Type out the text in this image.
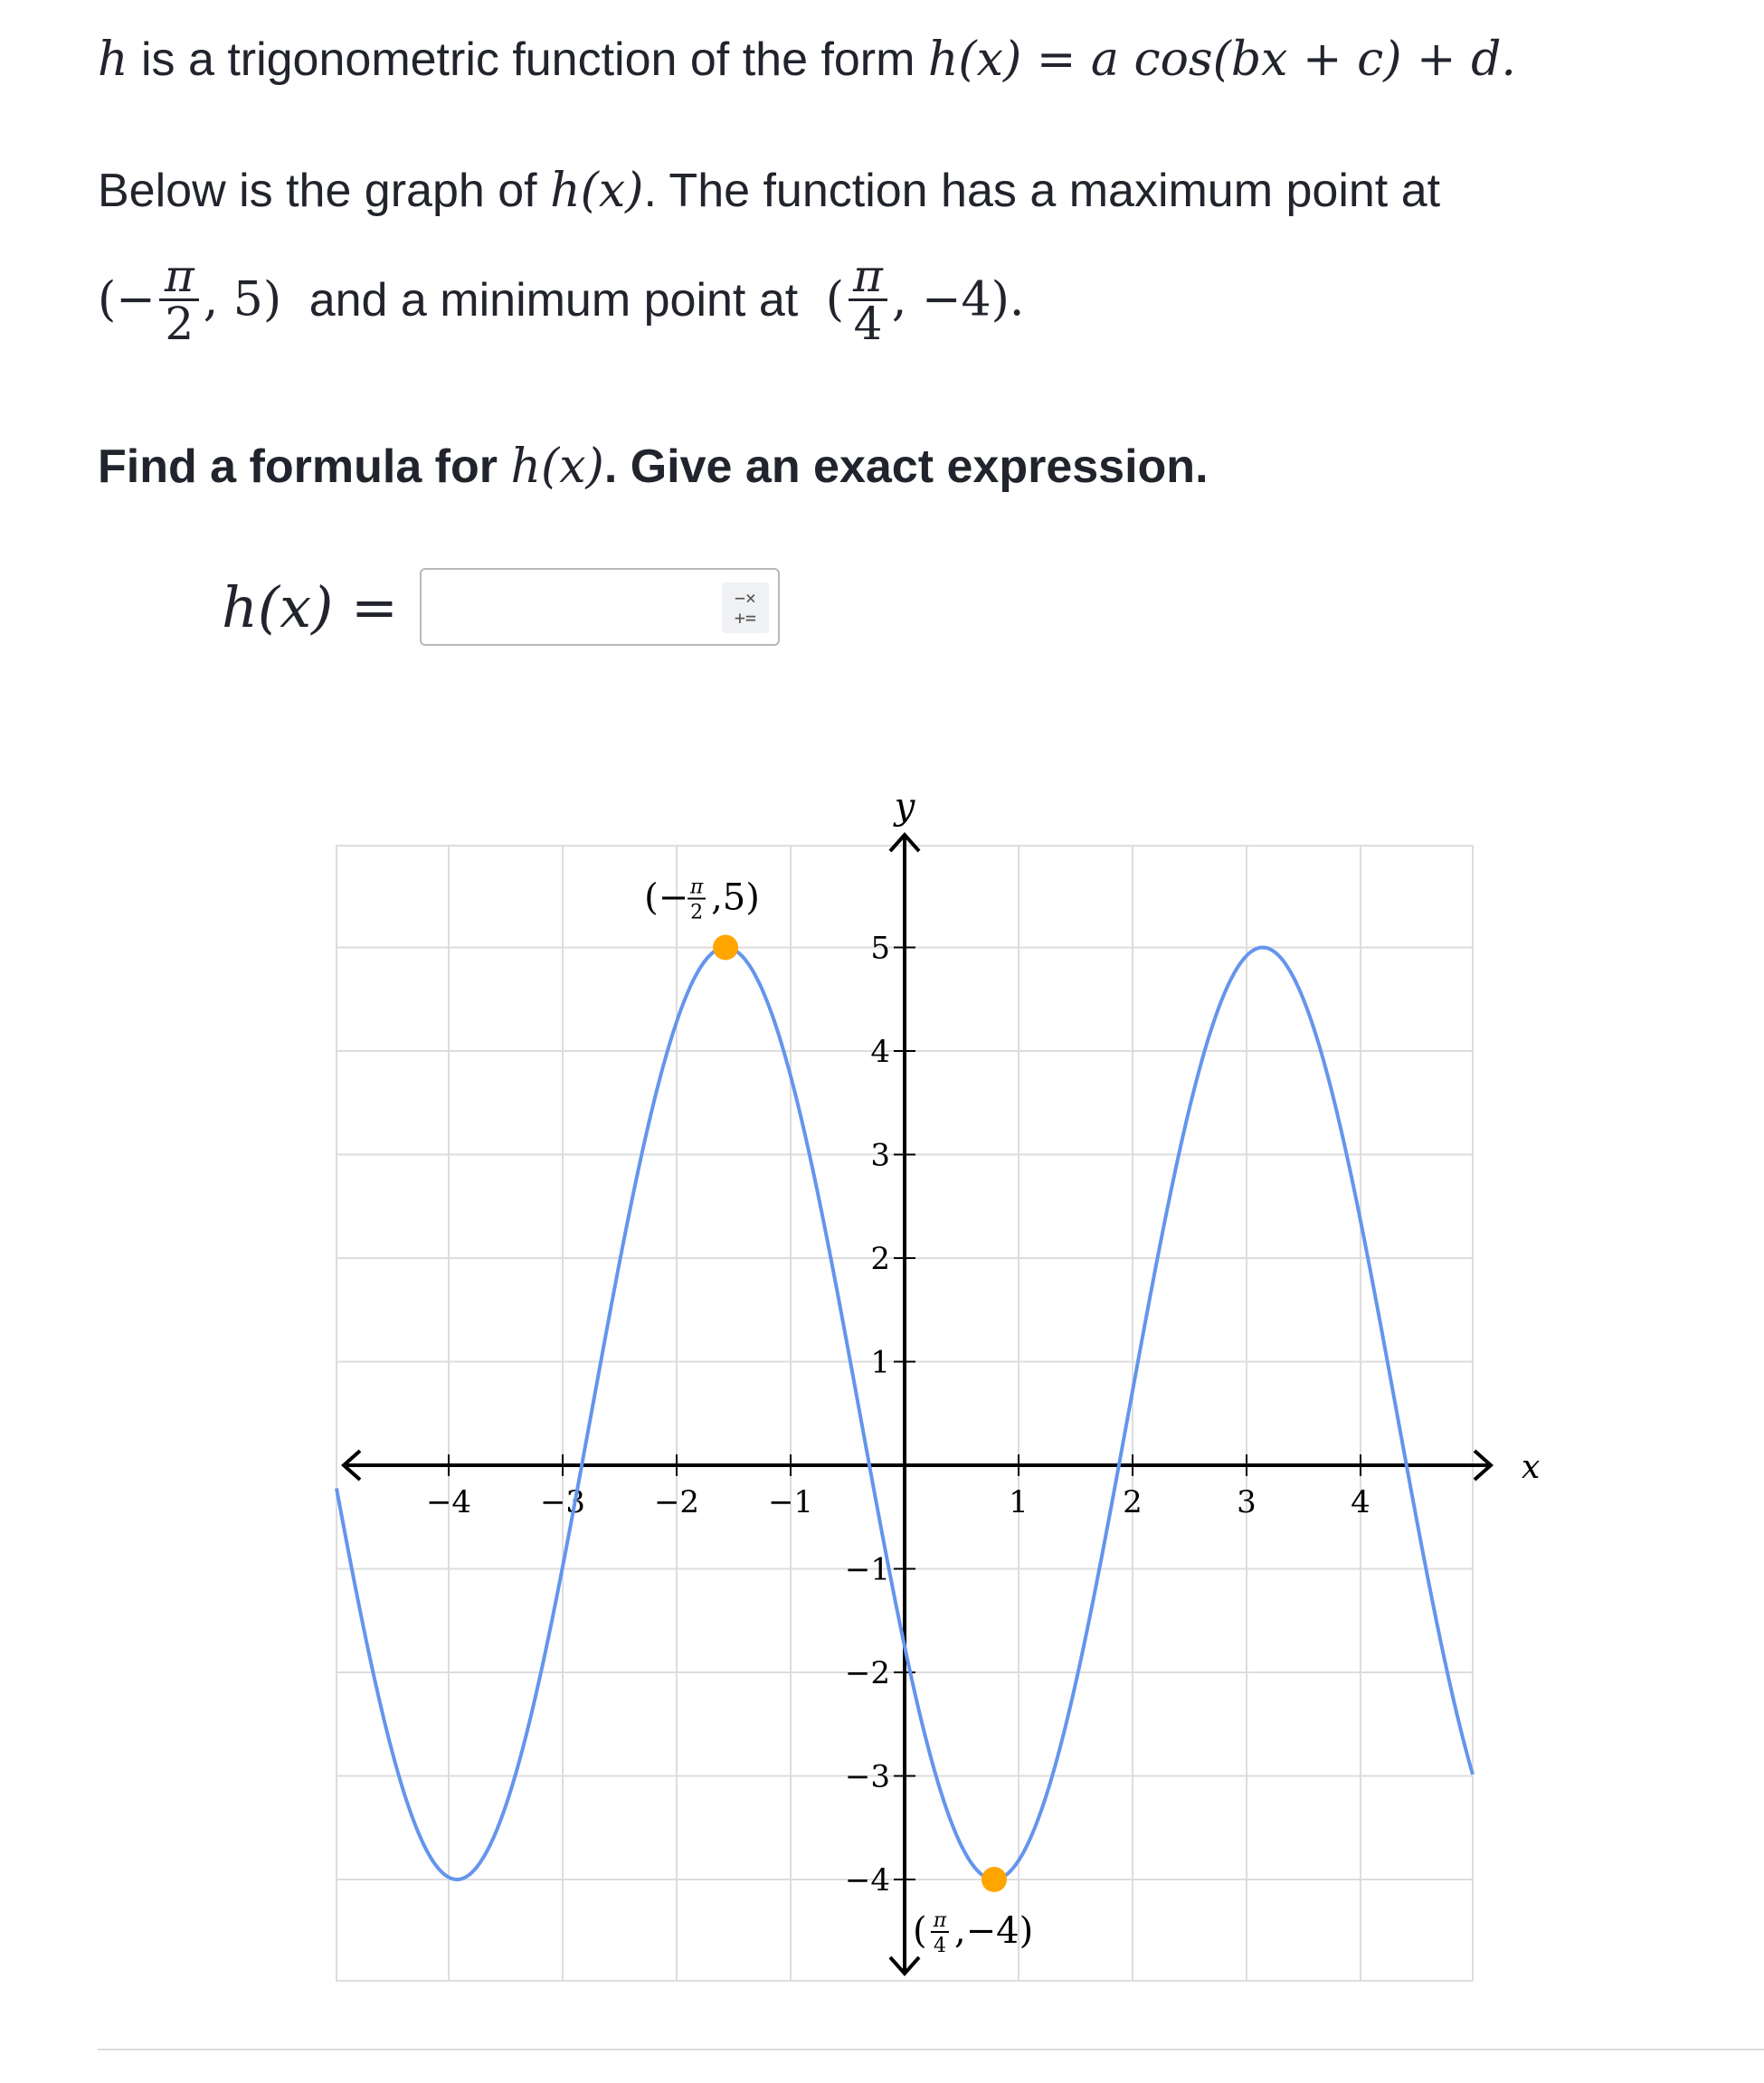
h is a trigonometric function of the form h(x) = a cos(bx + c) + d.
Below is the graph of h(x). The function has a maximum point at
(− $\frac{\pi}{2}$ , 5) and a minimum point at ( $\frac{\pi}{4}$ , −4).
Find a formula for h(x). Give an exact expression.
h(x) =	−×
+=
x
y
−4 −3 −2 −1	1	2	3	4
−4
−3
−2
−1
1
2
3
4
5
(− π
2 ,5)
( π
4 ,−4)
